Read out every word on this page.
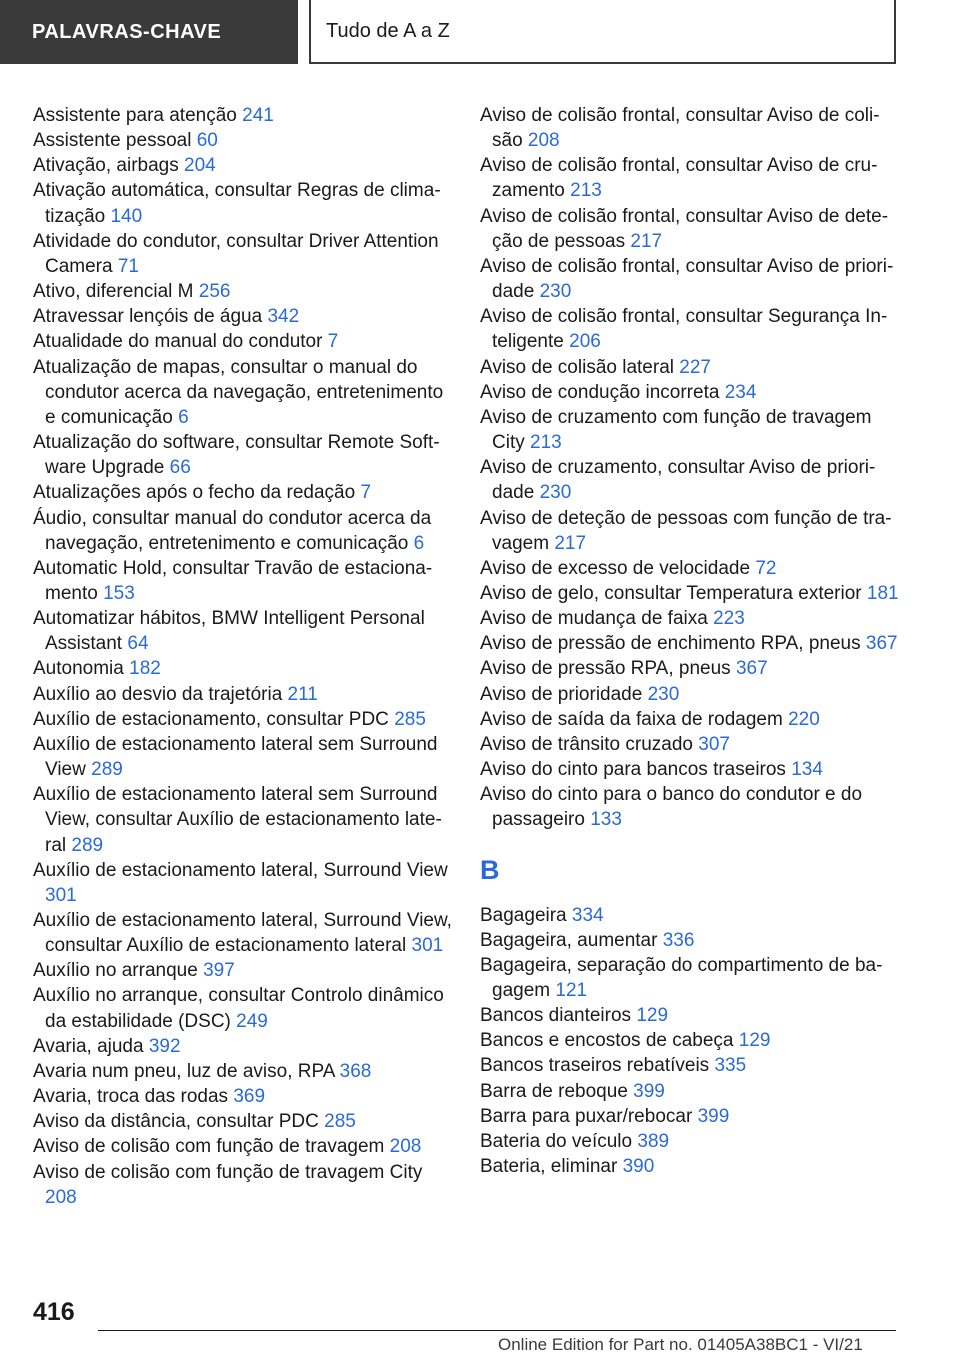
PALAVRAS-CHAVE	Tudo de A a Z
Assistente para atenção 241
Assistente pessoal 60
Ativação, airbags 204
Ativação automática, consultar Regras de climatização 140
Atividade do condutor, consultar Driver Attention Camera 71
Ativo, diferencial M 256
Atravessar lençóis de água 342
Atualidade do manual do condutor 7
Atualização de mapas, consultar o manual do condutor acerca da navegação, entretenimento e comunicação 6
Atualização do software, consultar Remote Software Upgrade 66
Atualizações após o fecho da redação 7
Áudio, consultar manual do condutor acerca da navegação, entretenimento e comunicação 6
Automatic Hold, consultar Travão de estacionamento 153
Automatizar hábitos, BMW Intelligent Personal Assistant 64
Autonomia 182
Auxílio ao desvio da trajetória 211
Auxílio de estacionamento, consultar PDC 285
Auxílio de estacionamento lateral sem Surround View 289
Auxílio de estacionamento lateral sem Surround View, consultar Auxílio de estacionamento lateral 289
Auxílio de estacionamento lateral, Surround View 301
Auxílio de estacionamento lateral, Surround View, consultar Auxílio de estacionamento lateral 301
Auxílio no arranque 397
Auxílio no arranque, consultar Controlo dinâmico da estabilidade (DSC) 249
Avaria, ajuda 392
Avaria num pneu, luz de aviso, RPA 368
Avaria, troca das rodas 369
Aviso da distância, consultar PDC 285
Aviso de colisão com função de travagem 208
Aviso de colisão com função de travagem City 208
Aviso de colisão frontal, consultar Aviso de colisão 208
Aviso de colisão frontal, consultar Aviso de cruzamento 213
Aviso de colisão frontal, consultar Aviso de deteção de pessoas 217
Aviso de colisão frontal, consultar Aviso de prioridade 230
Aviso de colisão frontal, consultar Segurança Inteligente 206
Aviso de colisão lateral 227
Aviso de condução incorreta 234
Aviso de cruzamento com função de travagem City 213
Aviso de cruzamento, consultar Aviso de prioridade 230
Aviso de deteção de pessoas com função de travagem 217
Aviso de excesso de velocidade 72
Aviso de gelo, consultar Temperatura exterior 181
Aviso de mudança de faixa 223
Aviso de pressão de enchimento RPA, pneus 367
Aviso de pressão RPA, pneus 367
Aviso de prioridade 230
Aviso de saída da faixa de rodagem 220
Aviso de trânsito cruzado 307
Aviso do cinto para bancos traseiros 134
Aviso do cinto para o banco do condutor e do passageiro 133
B
Bagageira 334
Bagageira, aumentar 336
Bagageira, separação do compartimento de bagagem 121
Bancos dianteiros 129
Bancos e encostos de cabeça 129
Bancos traseiros rebatíveis 335
Barra de reboque 399
Barra para puxar/rebocar 399
Bateria do veículo 389
Bateria, eliminar 390
416
Online Edition for Part no. 01405A38BC1 - VI/21
